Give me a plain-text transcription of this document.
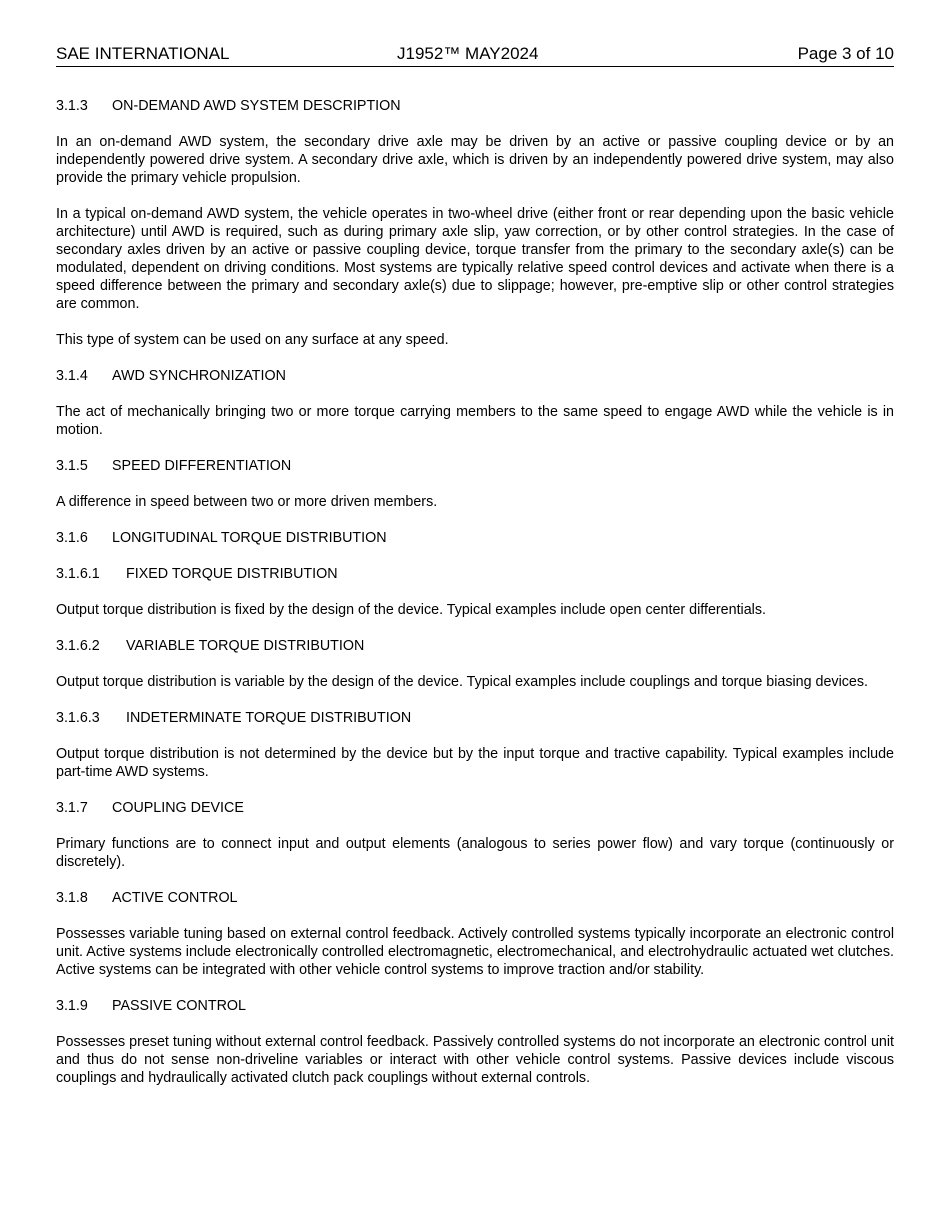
SAE INTERNATIONAL	J1952™ MAY2024	Page 3 of 10
3.1.3 ON-DEMAND AWD SYSTEM DESCRIPTION

In an on-demand AWD system, the secondary drive axle may be driven by an active or passive coupling device or by an independently powered drive system. A secondary drive axle, which is driven by an independently powered drive system, may also provide the primary vehicle propulsion.

In a typical on-demand AWD system, the vehicle operates in two-wheel drive (either front or rear depending upon the basic vehicle architecture) until AWD is required, such as during primary axle slip, yaw correction, or by other control strategies. In the case of secondary axles driven by an active or passive coupling device, torque transfer from the primary to the secondary axle(s) can be modulated, dependent on driving conditions. Most systems are typically relative speed control devices and activate when there is a speed difference between the primary and secondary axle(s) due to slippage; however, pre-emptive slip or other control strategies are common.

This type of system can be used on any surface at any speed.

3.1.4 AWD SYNCHRONIZATION

The act of mechanically bringing two or more torque carrying members to the same speed to engage AWD while the vehicle is in motion.

3.1.5 SPEED DIFFERENTIATION

A difference in speed between two or more driven members.

3.1.6 LONGITUDINAL TORQUE DISTRIBUTION
3.1.6.1 FIXED TORQUE DISTRIBUTION

Output torque distribution is fixed by the design of the device. Typical examples include open center differentials.

3.1.6.2 VARIABLE TORQUE DISTRIBUTION

Output torque distribution is variable by the design of the device. Typical examples include couplings and torque biasing devices.

3.1.6.3 INDETERMINATE TORQUE DISTRIBUTION

Output torque distribution is not determined by the device but by the input torque and tractive capability. Typical examples include part-time AWD systems.

3.1.7 COUPLING DEVICE

Primary functions are to connect input and output elements (analogous to series power flow) and vary torque (continuously or discretely).

3.1.8 ACTIVE CONTROL

Possesses variable tuning based on external control feedback. Actively controlled systems typically incorporate an electronic control unit. Active systems include electronically controlled electromagnetic, electromechanical, and electrohydraulic actuated wet clutches. Active systems can be integrated with other vehicle control systems to improve traction and/or stability.

3.1.9 PASSIVE CONTROL

Possesses preset tuning without external control feedback. Passively controlled systems do not incorporate an electronic control unit and thus do not sense non-driveline variables or interact with other vehicle control systems. Passive devices include viscous couplings and hydraulically activated clutch pack couplings without external controls.
